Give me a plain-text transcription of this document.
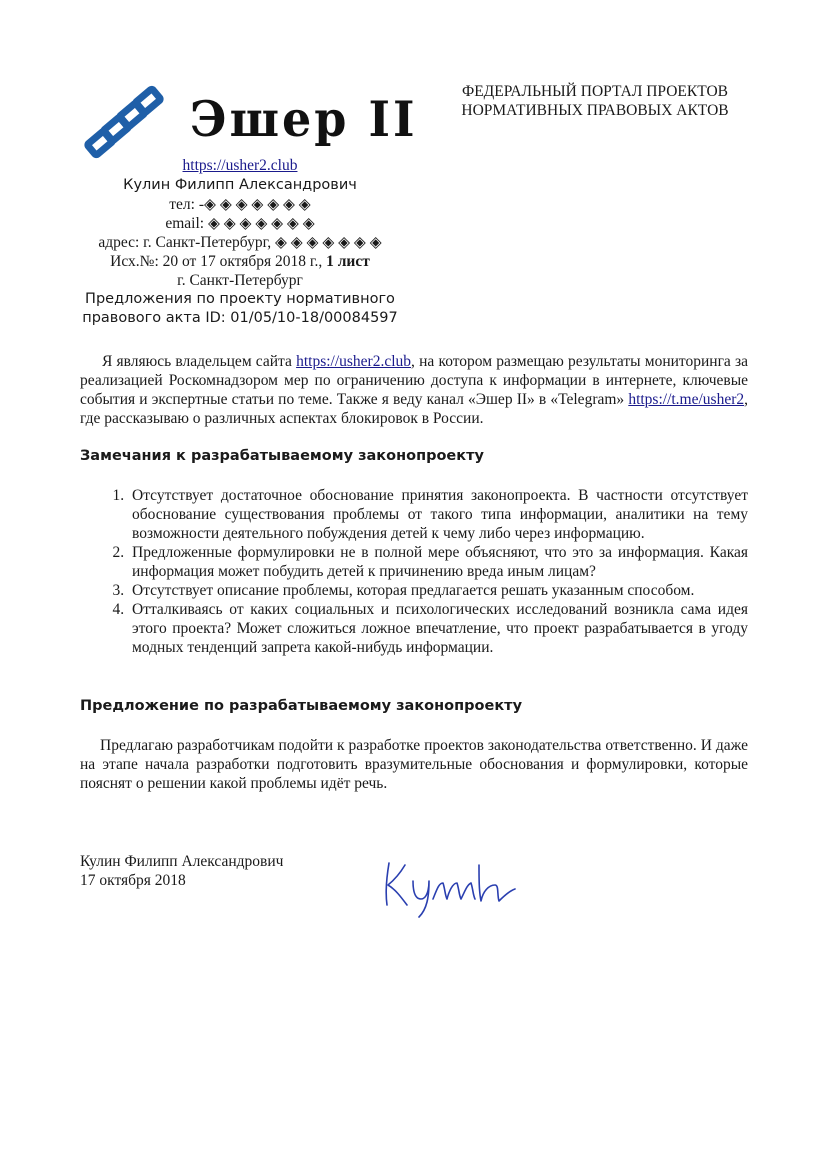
Эшер II	ФЕДЕРАЛЬНЫЙ ПОРТАЛ ПРОЕКТОВ
НОРМАТИВНЫХ ПРАВОВЫХ АКТОВ
https://usher2.club
Кулин Филипп Александрович
тел: -◈ ◈ ◈ ◈ ◈ ◈ ◈
email: ◈ ◈ ◈ ◈ ◈ ◈ ◈
адрес: г. Санкт-Петербург, ◈ ◈ ◈ ◈ ◈ ◈ ◈
Исх.№: 20 от 17 октября 2018 г., 1 лист
г. Санкт-Петербург
Предложения по проекту нормативного
правового акта ID: 01/05/10-18/00084597
Я являюсь владельцем сайта https://usher2.club, на котором размещаю результаты мониторинга за реализацией Роскомнадзором мер по ограничению доступа к информации в интернете, ключевые события и экспертные статьи по теме. Также я веду канал «Эшер II» в «Telegram» https://t.me/usher2, где рассказываю о различных аспектах блокировок в России.
Замечания к разрабатываемому законопроекту
1. Отсутствует достаточное обоснование принятия законопроекта. В частности отсутствует обоснование существования проблемы от такого типа информации, аналитики на тему возможности деятельного побуждения детей к чему либо через информацию.
2. Предложенные формулировки не в полной мере объясняют, что это за информация. Какая информация может побудить детей к причинению вреда иным лицам?
3. Отсутствует описание проблемы, которая предлагается решать указанным способом.
4. Отталкиваясь от каких социальных и психологических исследований возникла сама идея этого проекта? Может сложиться ложное впечатление, что проект разрабатывается в угоду модных тенденций запрета какой-нибудь информации.
Предложение по разрабатываемому законопроекту
Предлагаю разработчикам подойти к разработке проектов законодательства ответственно. И даже на этапе начала разработки подготовить вразумительные обоснования и формулировки, которые пояснят о решении какой проблемы идёт речь.
Кулин Филипп Александрович
17 октября 2018
